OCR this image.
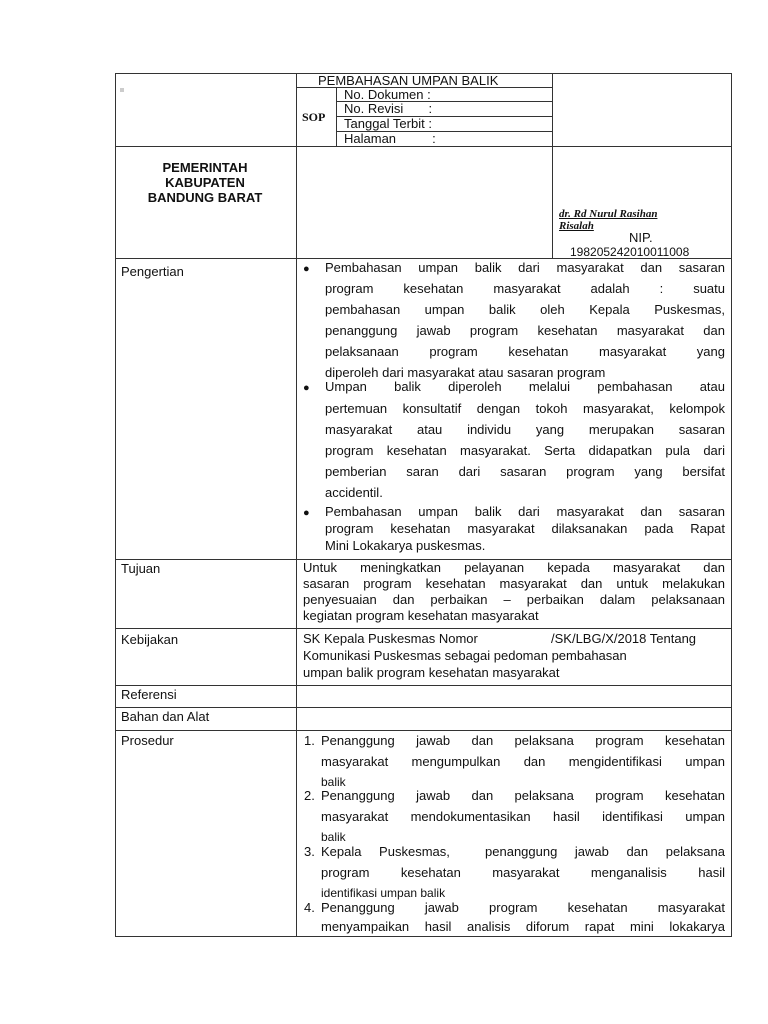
PEMBAHASAN UMPAN BALIK
SOP
No. Dokumen :
No. Revisi       :
Tanggal Terbit :
Halaman          :
PEMERINTAH
KABUPATEN
BANDUNG BARAT
dr. Rd Nurul Rasihan
Risalah
NIP.
198205242010011008
Pengertian	● Pembahasan umpan balik dari masyarakat dan sasaran
program kesehatan masyarakat adalah : suatu
pembahasan umpan balik oleh Kepala Puskesmas,
penanggung jawab program kesehatan masyarakat dan
pelaksanaan program kesehatan masyarakat yang
diperoleh dari masyarakat atau sasaran program
● Umpan balik diperoleh melalui pembahasan atau
pertemuan konsultatif dengan tokoh masyarakat, kelompok
masyarakat atau individu yang merupakan sasaran
program kesehatan masyarakat. Serta didapatkan pula dari
pemberian saran dari sasaran program yang bersifat
accidentil.
● Pembahasan umpan balik dari masyarakat dan sasaran
program kesehatan masyarakat dilaksanakan pada Rapat
Mini Lokakarya puskesmas.
Tujuan	Untuk meningkatkan pelayanan kepada masyarakat dan
sasaran program kesehatan masyarakat dan untuk melakukan
penyesuaian dan perbaikan – perbaikan dalam pelaksanaan
kegiatan program kesehatan masyarakat
Kebijakan	SK Kepala Puskesmas Nomor	/SK/LBG/X/2018 Tentang
Komunikasi Puskesmas sebagai pedoman pembahasan
umpan balik program kesehatan masyarakat
Referensi
Bahan dan Alat
Prosedur	1. Penanggung jawab dan pelaksana program kesehatan
masyarakat mengumpulkan dan mengidentifikasi umpan
balik
2. Penanggung jawab dan pelaksana program kesehatan
masyarakat mendokumentasikan hasil identifikasi umpan
balik
3. Kepala Puskesmas,  penanggung jawab dan pelaksana
program kesehatan masyarakat menganalisis hasil
identifikasi umpan balik
4. Penanggung jawab program kesehatan masyarakat
menyampaikan hasil analisis diforum rapat mini lokakarya
